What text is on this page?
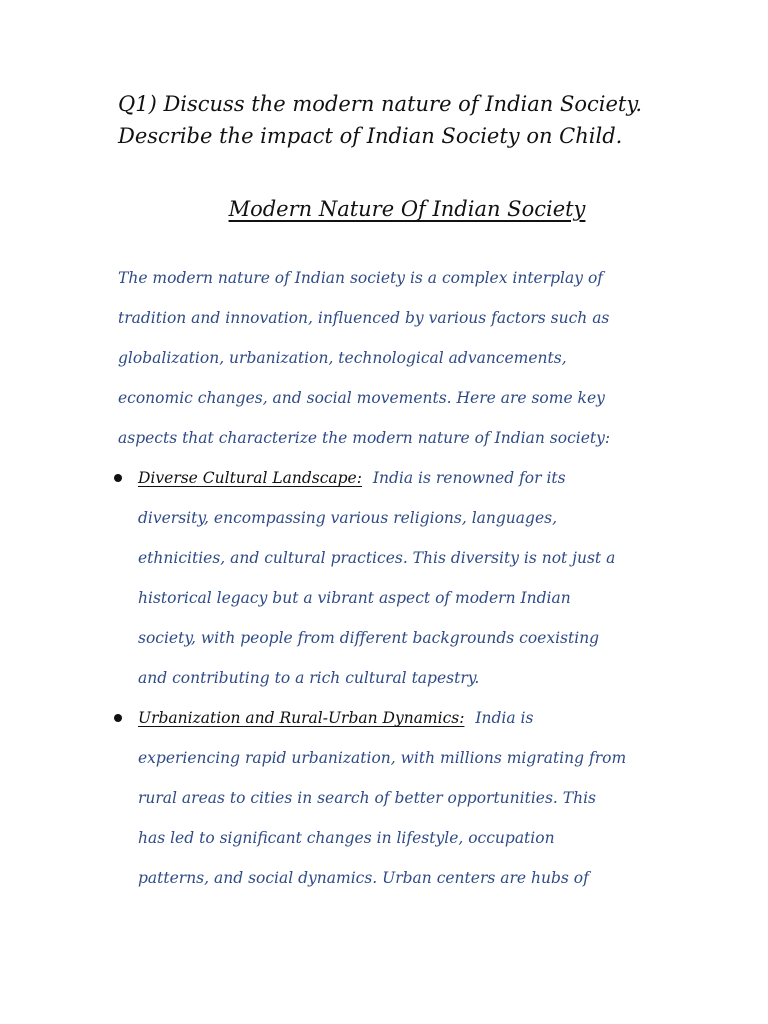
Q1) Discuss the modern nature of Indian Society.
Describe the impact of Indian Society on Child.
Modern Nature Of Indian Society
The modern nature of Indian society is a complex interplay of
tradition and innovation, influenced by various factors such as
globalization, urbanization, technological advancements,
economic changes, and social movements. Here are some key
aspects that characterize the modern nature of Indian society:
Diverse Cultural Landscape: India is renowned for its
diversity, encompassing various religions, languages,
ethnicities, and cultural practices. This diversity is not just a
historical legacy but a vibrant aspect of modern Indian
society, with people from different backgrounds coexisting
and contributing to a rich cultural tapestry.
Urbanization and Rural-Urban Dynamics: India is
experiencing rapid urbanization, with millions migrating from
rural areas to cities in search of better opportunities. This
has led to significant changes in lifestyle, occupation
patterns, and social dynamics. Urban centers are hubs of
